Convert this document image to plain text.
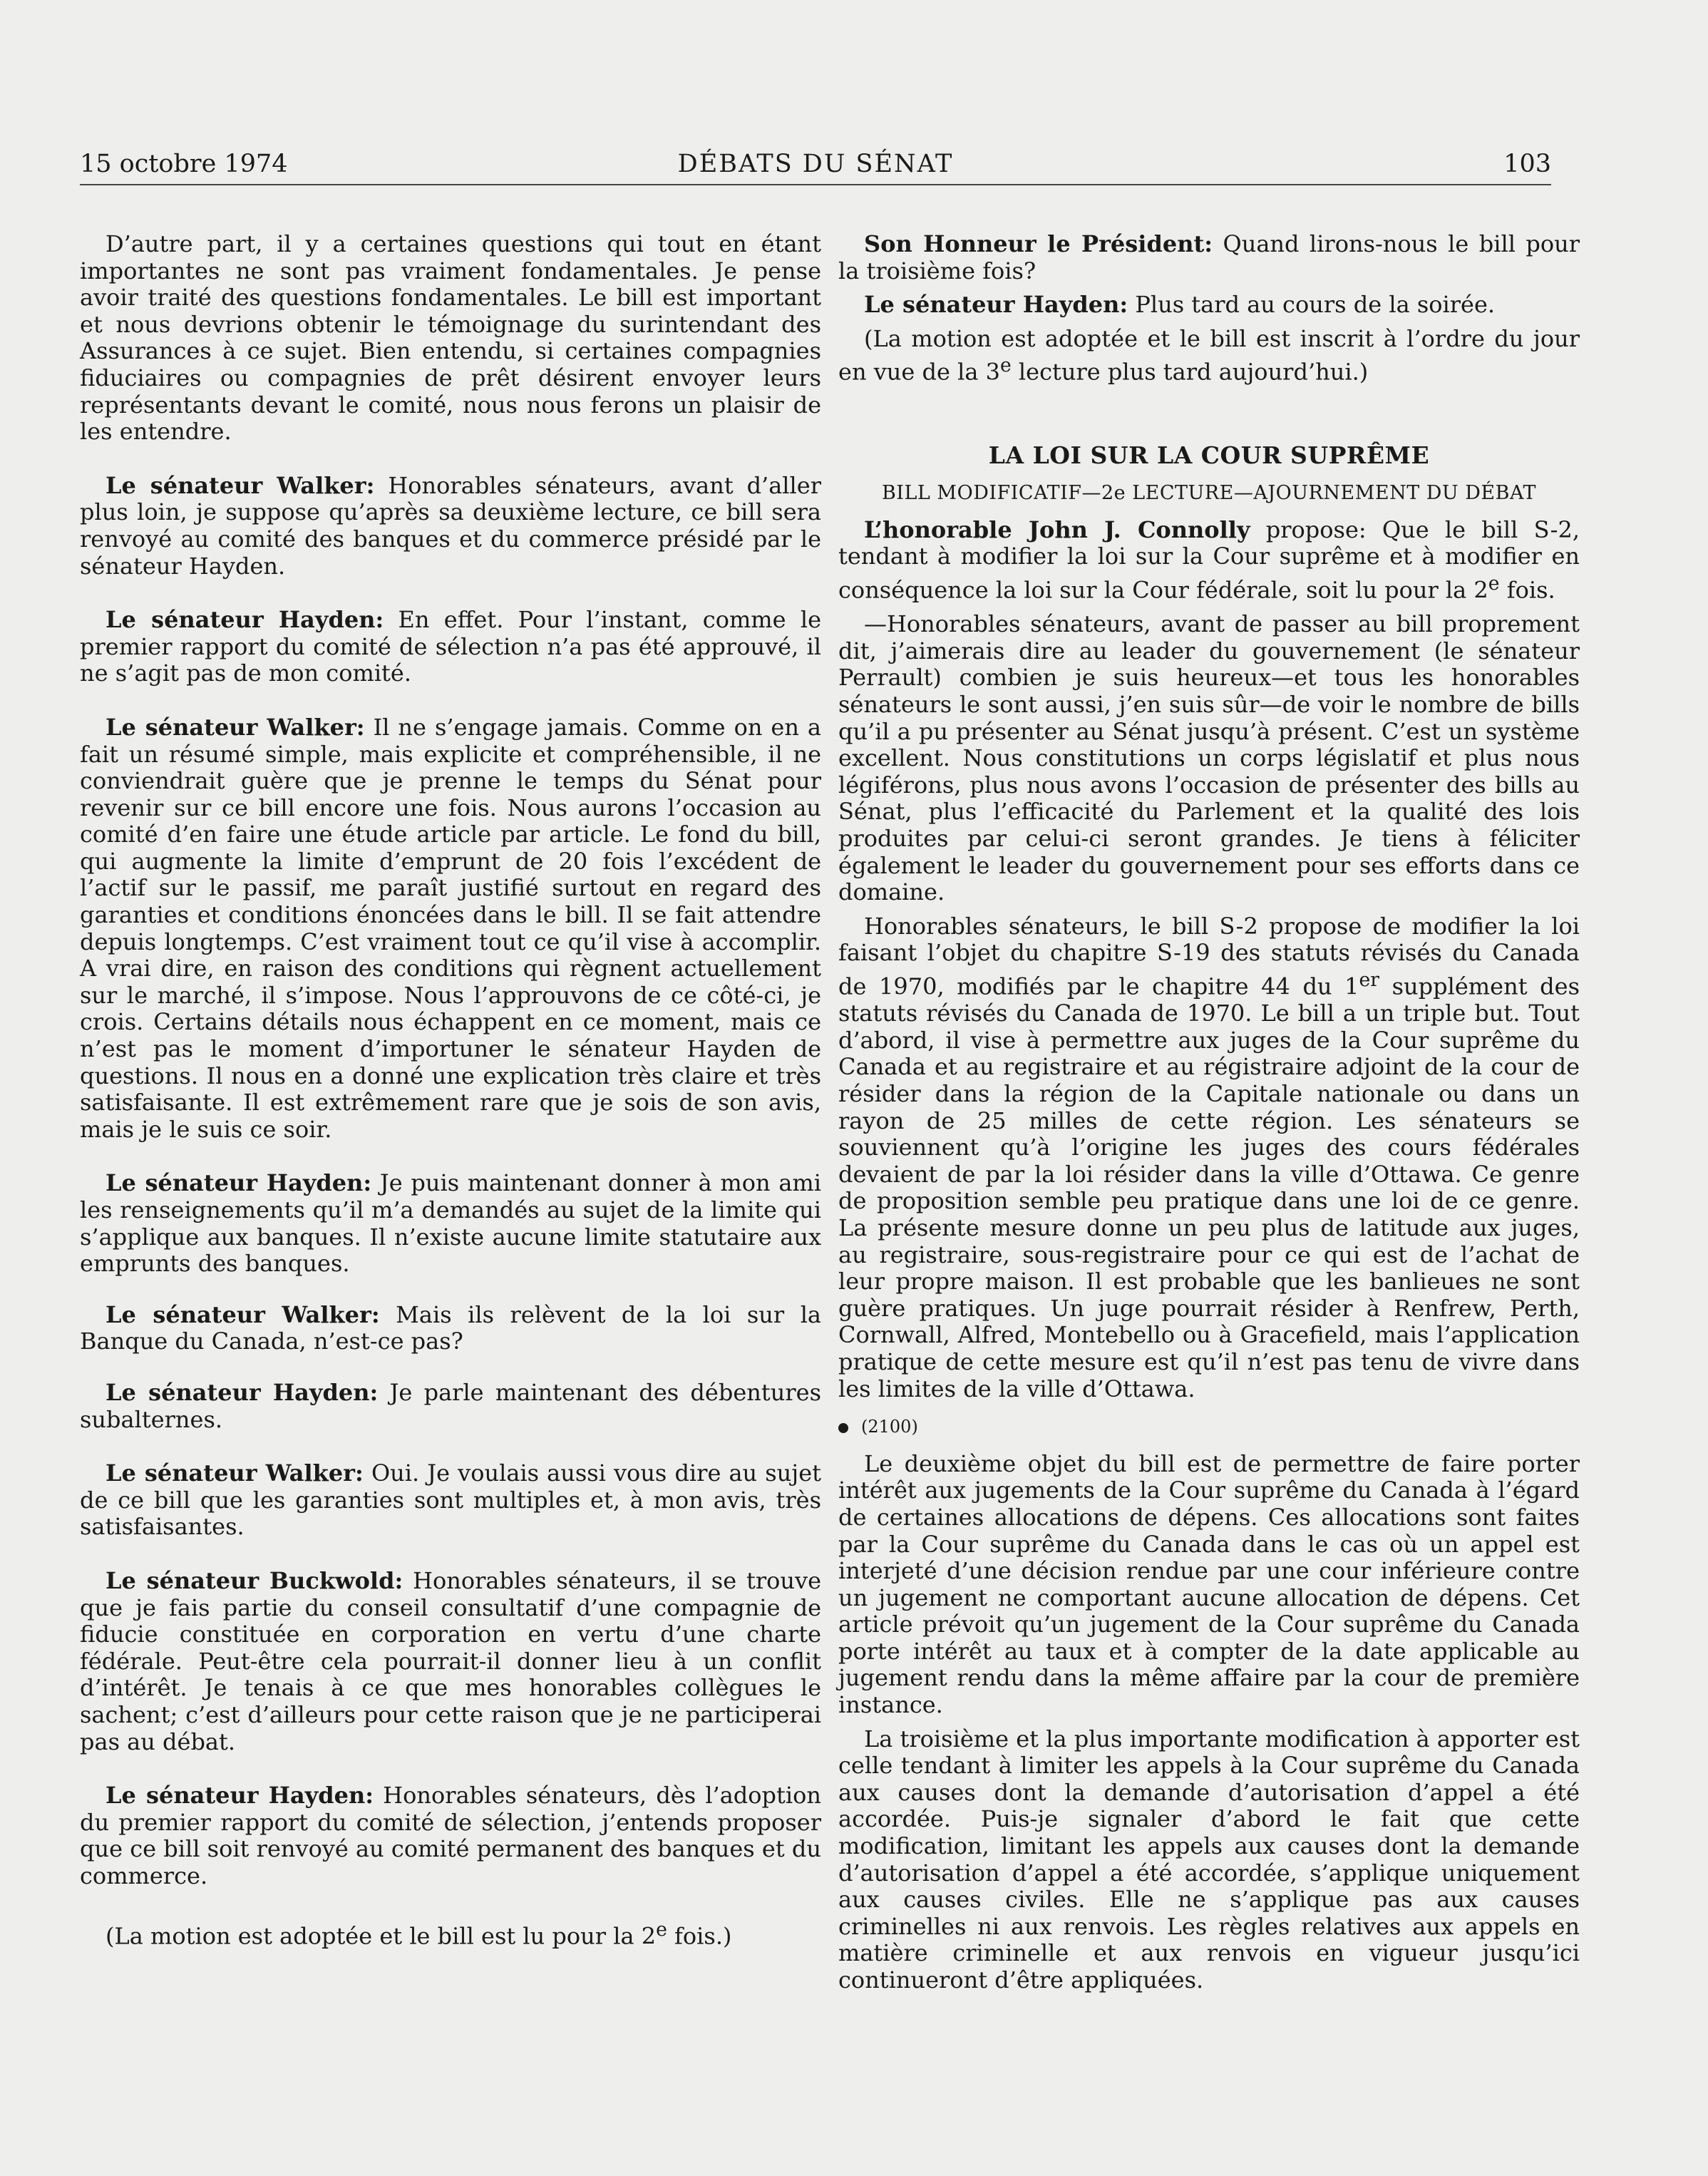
15 octobre 1974	DÉBATS DU SÉNAT	103

D’autre part, il y a certaines questions qui tout en étant importantes ne sont pas vraiment fondamentales. Je pense avoir traité des questions fondamentales. Le bill est important et nous devrions obtenir le témoignage du surintendant des Assurances à ce sujet. Bien entendu, si certaines compagnies fiduciaires ou compagnies de prêt désirent envoyer leurs représentants devant le comité, nous nous ferons un plaisir de les entendre.

Le sénateur Walker: Honorables sénateurs, avant d’aller plus loin, je suppose qu’après sa deuxième lecture, ce bill sera renvoyé au comité des banques et du commerce présidé par le sénateur Hayden.

Le sénateur Hayden: En effet. Pour l’instant, comme le premier rapport du comité de sélection n’a pas été approuvé, il ne s’agit pas de mon comité.

Le sénateur Walker: Il ne s’engage jamais. Comme on en a fait un résumé simple, mais explicite et compréhensible, il ne conviendrait guère que je prenne le temps du Sénat pour revenir sur ce bill encore une fois. Nous aurons l’occasion au comité d’en faire une étude article par article. Le fond du bill, qui augmente la limite d’emprunt de 20 fois l’excédent de l’actif sur le passif, me paraît justifié surtout en regard des garanties et conditions énoncées dans le bill. Il se fait attendre depuis longtemps. C’est vraiment tout ce qu’il vise à accomplir. A vrai dire, en raison des conditions qui règnent actuellement sur le marché, il s’impose. Nous l’approuvons de ce côté-ci, je crois. Certains détails nous échappent en ce moment, mais ce n’est pas le moment d’importuner le sénateur Hayden de questions. Il nous en a donné une explication très claire et très satisfaisante. Il est extrêmement rare que je sois de son avis, mais je le suis ce soir.

Le sénateur Hayden: Je puis maintenant donner à mon ami les renseignements qu’il m’a demandés au sujet de la limite qui s’applique aux banques. Il n’existe aucune limite statutaire aux emprunts des banques.

Le sénateur Walker: Mais ils relèvent de la loi sur la Banque du Canada, n’est-ce pas?

Le sénateur Hayden: Je parle maintenant des débentures subalternes.

Le sénateur Walker: Oui. Je voulais aussi vous dire au sujet de ce bill que les garanties sont multiples et, à mon avis, très satisfaisantes.

Le sénateur Buckwold: Honorables sénateurs, il se trouve que je fais partie du conseil consultatif d’une compagnie de fiducie constituée en corporation en vertu d’une charte fédérale. Peut-être cela pourrait-il donner lieu à un conflit d’intérêt. Je tenais à ce que mes honorables collègues le sachent; c’est d’ailleurs pour cette raison que je ne participerai pas au débat.

Le sénateur Hayden: Honorables sénateurs, dès l’adoption du premier rapport du comité de sélection, j’entends proposer que ce bill soit renvoyé au comité permanent des banques et du commerce.

(La motion est adoptée et le bill est lu pour la 2e fois.)

Son Honneur le Président: Quand lirons-nous le bill pour la troisième fois?

Le sénateur Hayden: Plus tard au cours de la soirée.

(La motion est adoptée et le bill est inscrit à l’ordre du jour en vue de la 3e lecture plus tard aujourd’hui.)

LA LOI SUR LA COUR SUPRÊME

BILL MODIFICATIF—2e LECTURE—AJOURNEMENT DU DÉBAT

L’honorable John J. Connolly propose: Que le bill S-2, tendant à modifier la loi sur la Cour suprême et à modifier en conséquence la loi sur la Cour fédérale, soit lu pour la 2e fois.

—Honorables sénateurs, avant de passer au bill proprement dit, j’aimerais dire au leader du gouvernement (le sénateur Perrault) combien je suis heureux—et tous les honorables sénateurs le sont aussi, j’en suis sûr—de voir le nombre de bills qu’il a pu présenter au Sénat jusqu’à présent. C’est un système excellent. Nous constitutions un corps législatif et plus nous légiférons, plus nous avons l’occasion de présenter des bills au Sénat, plus l’efficacité du Parlement et la qualité des lois produites par celui-ci seront grandes. Je tiens à féliciter également le leader du gouvernement pour ses efforts dans ce domaine.

Honorables sénateurs, le bill S-2 propose de modifier la loi faisant l’objet du chapitre S-19 des statuts révisés du Canada de 1970, modifiés par le chapitre 44 du 1er supplément des statuts révisés du Canada de 1970. Le bill a un triple but. Tout d’abord, il vise à permettre aux juges de la Cour suprême du Canada et au registraire et au régistraire adjoint de la cour de résider dans la région de la Capitale nationale ou dans un rayon de 25 milles de cette région. Les sénateurs se souviennent qu’à l’origine les juges des cours fédérales devaient de par la loi résider dans la ville d’Ottawa. Ce genre de proposition semble peu pratique dans une loi de ce genre. La présente mesure donne un peu plus de latitude aux juges, au registraire, sous-registraire pour ce qui est de l’achat de leur propre maison. Il est probable que les banlieues ne sont guère pratiques. Un juge pourrait résider à Renfrew, Perth, Cornwall, Alfred, Montebello ou à Gracefield, mais l’application pratique de cette mesure est qu’il n’est pas tenu de vivre dans les limites de la ville d’Ottawa.

(2100)

Le deuxième objet du bill est de permettre de faire porter intérêt aux jugements de la Cour suprême du Canada à l’égard de certaines allocations de dépens. Ces allocations sont faites par la Cour suprême du Canada dans le cas où un appel est interjeté d’une décision rendue par une cour inférieure contre un jugement ne comportant aucune allocation de dépens. Cet article prévoit qu’un jugement de la Cour suprême du Canada porte intérêt au taux et à compter de la date applicable au jugement rendu dans la même affaire par la cour de première instance.

La troisième et la plus importante modification à apporter est celle tendant à limiter les appels à la Cour suprême du Canada aux causes dont la demande d’autorisation d’appel a été accordée. Puis-je signaler d’abord le fait que cette modification, limitant les appels aux causes dont la demande d’autorisation d’appel a été accordée, s’applique uniquement aux causes civiles. Elle ne s’applique pas aux causes criminelles ni aux renvois. Les règles relatives aux appels en matière criminelle et aux renvois en vigueur jusqu’ici continueront d’être appliquées.
